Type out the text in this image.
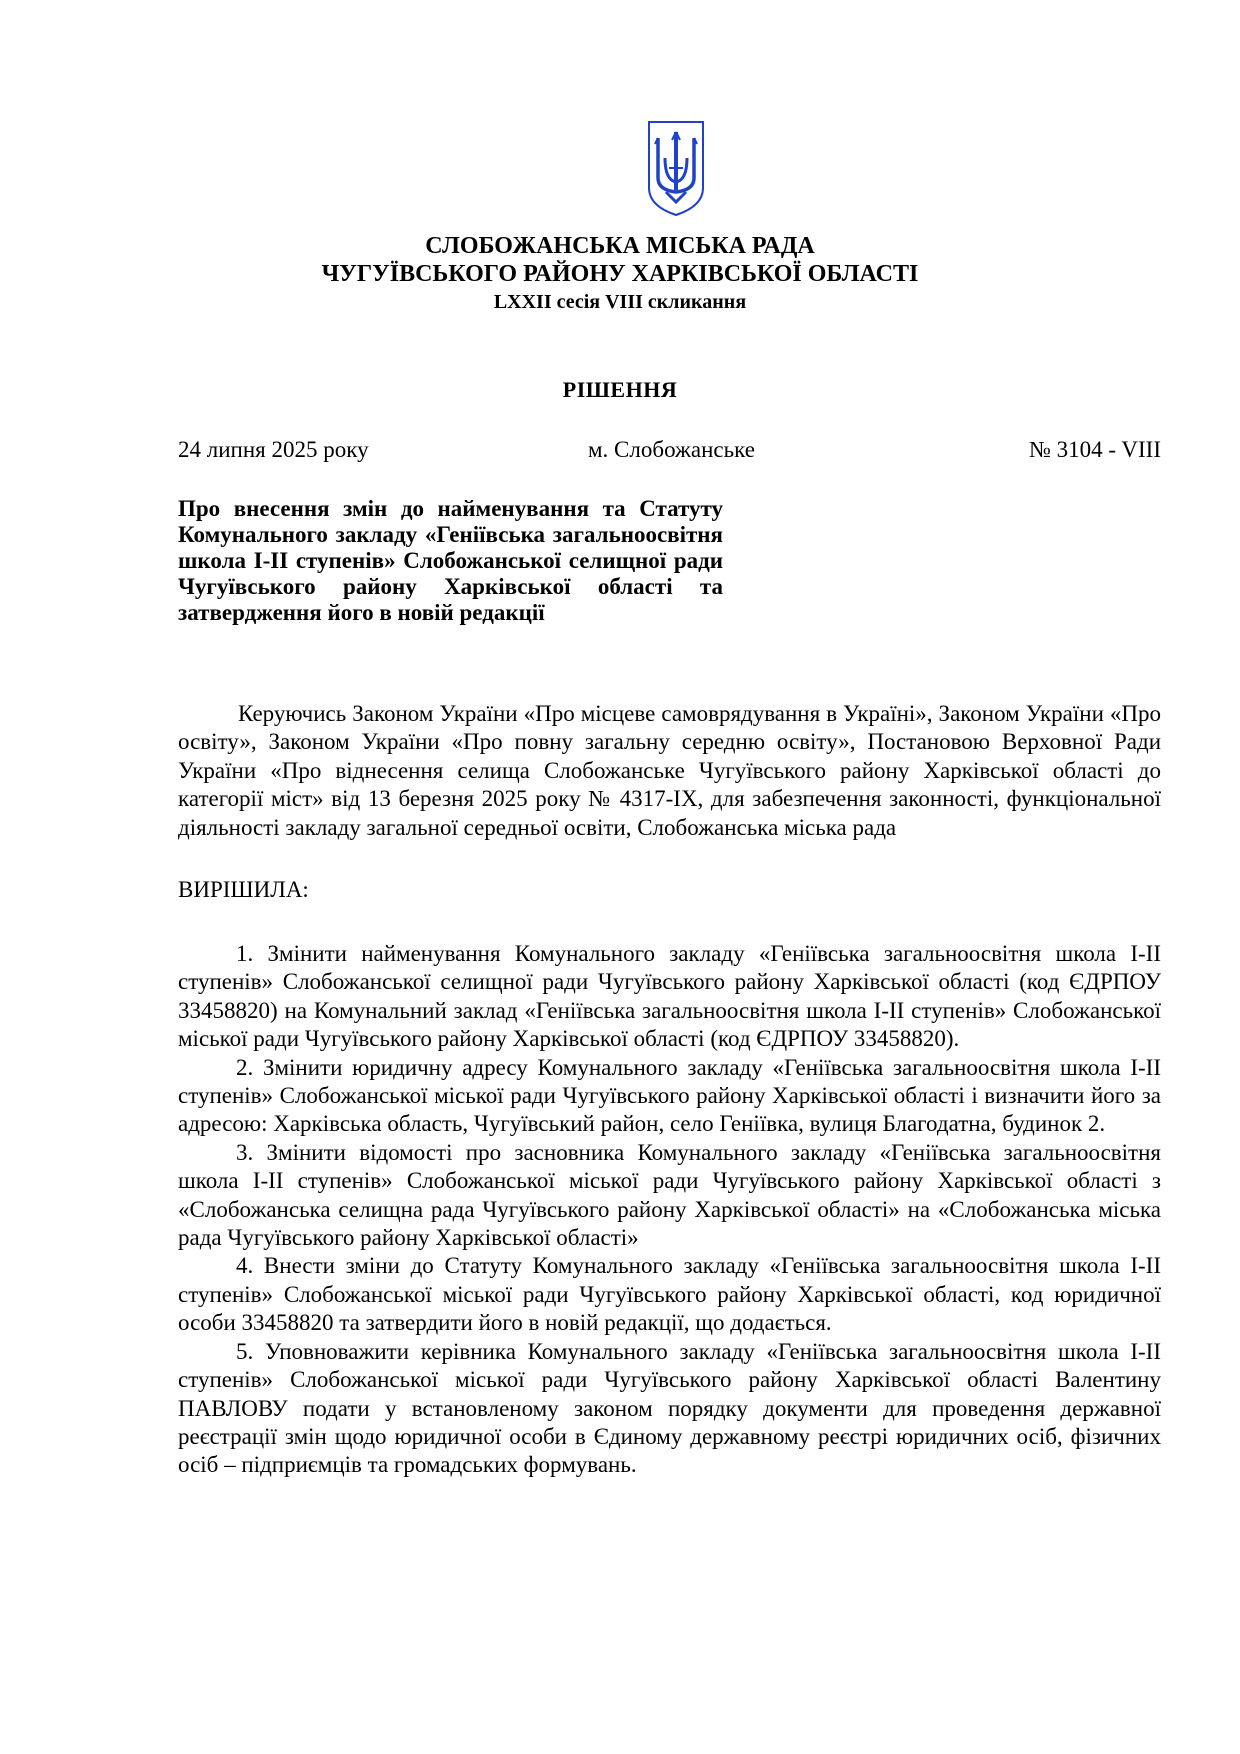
СЛОБОЖАНСЬКА МІСЬКА РАДА

ЧУГУЇВСЬКОГО РАЙОНУ ХАРКІВСЬКОЇ ОБЛАСТІ

LXXII сесія VIII скликання

РІШЕННЯ
24 липня 2025 року	м. Слобожанське	№ 3104 - VIII
Про внесення змін до найменування та Статуту Комунального закладу «Геніївська загальноосвітня школа I-II ступенів» Слобожанської селищної ради Чугуївського району Харківської області та затвердження його в новій редакції
Керуючись Законом України «Про місцеве самоврядування в Україні», Законом України «Про освіту», Законом України «Про повну загальну середню освіту», Постановою Верховної Ради України «Про віднесення селища Слобожанське Чугуївського району Харківської області до категорії міст» від 13 березня 2025 року № 4317-IX, для забезпечення законності, функціональної діяльності закладу загальної середньої освіти, Слобожанська міська рада
ВИРІШИЛА:

1. Змінити найменування Комунального закладу «Геніївська загальноосвітня школа I-II ступенів» Слобожанської селищної ради Чугуївського району Харківської області (код ЄДРПОУ 33458820) на Комунальний заклад «Геніївська загальноосвітня школа I-II ступенів» Слобожанської міської ради Чугуївського району Харківської області (код ЄДРПОУ 33458820).

2. Змінити юридичну адресу Комунального закладу «Геніївська загальноосвітня школа I-II ступенів» Слобожанської міської ради Чугуївського району Харківської області і визначити його за адресою: Харківська область, Чугуївський район, село Геніївка, вулиця Благодатна, будинок 2.

3. Змінити відомості про засновника Комунального закладу «Геніївська загальноосвітня школа I-II ступенів» Слобожанської міської ради Чугуївського району Харківської області з «Слобожанська селищна рада Чугуївського району Харківської області» на «Слобожанська міська рада Чугуївського району Харківської області»

4. Внести зміни до Статуту Комунального закладу «Геніївська загальноосвітня школа I-II ступенів» Слобожанської міської ради Чугуївського району Харківської області, код юридичної особи 33458820 та затвердити його в новій редакції, що додається.

5. Уповноважити керівника Комунального закладу «Геніївська загальноосвітня школа I-II ступенів» Слобожанської міської ради Чугуївського району Харківської області Валентину ПАВЛОВУ подати у встановленому законом порядку документи для проведення державної реєстрації змін щодо юридичної особи в Єдиному державному реєстрі юридичних осіб, фізичних осіб – підприємців та громадських формувань.
